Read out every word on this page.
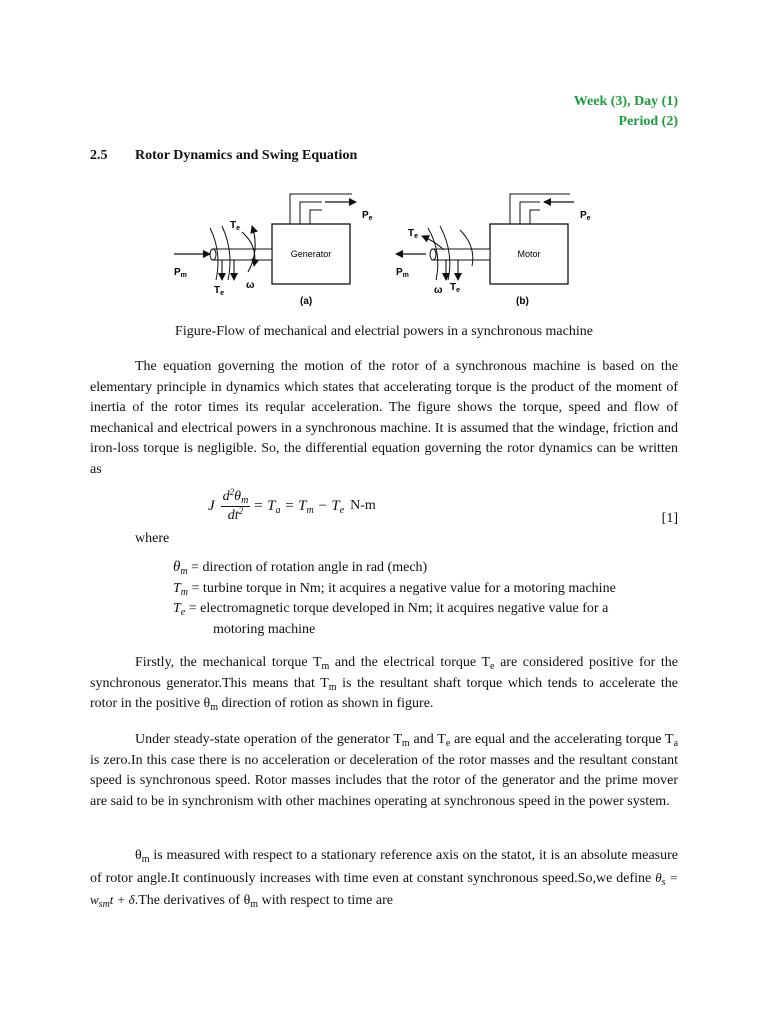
Week (3), Day (1)
Period (2)
2.5 Rotor Dynamics and Swing Equation
Generator
$P_m$
$T_e$
$T_e$
ω
$P_e$
(a)
Motor
$P_m$
$T_e$
$T_e$
ω
$P_e$
(b)
Figure-Flow of mechanical and electrial powers in a synchronous machine
The equation governing the motion of the rotor of a synchronous machine is based on the elementary principle in dynamics which states that accelerating torque is the product of the moment of inertia of the rotor times its reqular acceleration. The figure shows the torque, speed and flow of mechanical and electrical powers in a synchronous machine. It is assumed that the windage, friction and iron-loss torque is negligible. So, the differential equation governing the rotor dynamics can be written as
J $\frac{d^2\theta_m}{dt^2} = T_a = T_m - T_e$ N-m
[1]
where
$\theta_m$ = direction of rotation angle in rad (mech)
$T_m$ = turbine torque in Nm; it acquires a negative value for a motoring machine
$T_e$ = electromagnetic torque developed in Nm; it acquires negative value for a
motoring machine
Firstly, the mechanical torque $T_m$ and the electrical torque $T_e$ are considered positive for the synchronous generator.This means that $T_m$ is the resultant shaft torque which tends to accelerate the rotor in the positive $\theta_m$ direction of rotion as shown in figure.
Under steady-state operation of the generator $T_m$ and $T_e$ are equal and the accelerating torque $T_a$ is zero.In this case there is no acceleration or deceleration of the rotor masses and the resultant constant speed is synchronous speed. Rotor masses includes that the rotor of the generator and the prime mover are said to be in synchronism with other machines operating at synchronous speed in the power system.
$\theta_m$ is measured with respect to a stationary reference axis on the statot, it is an absolute measure of rotor angle.It continuously increases with time even at constant synchronous speed.So,we define $\theta_s = w_{sm}t + \delta.The$ derivatives of $\theta_m$ with respect to time are
